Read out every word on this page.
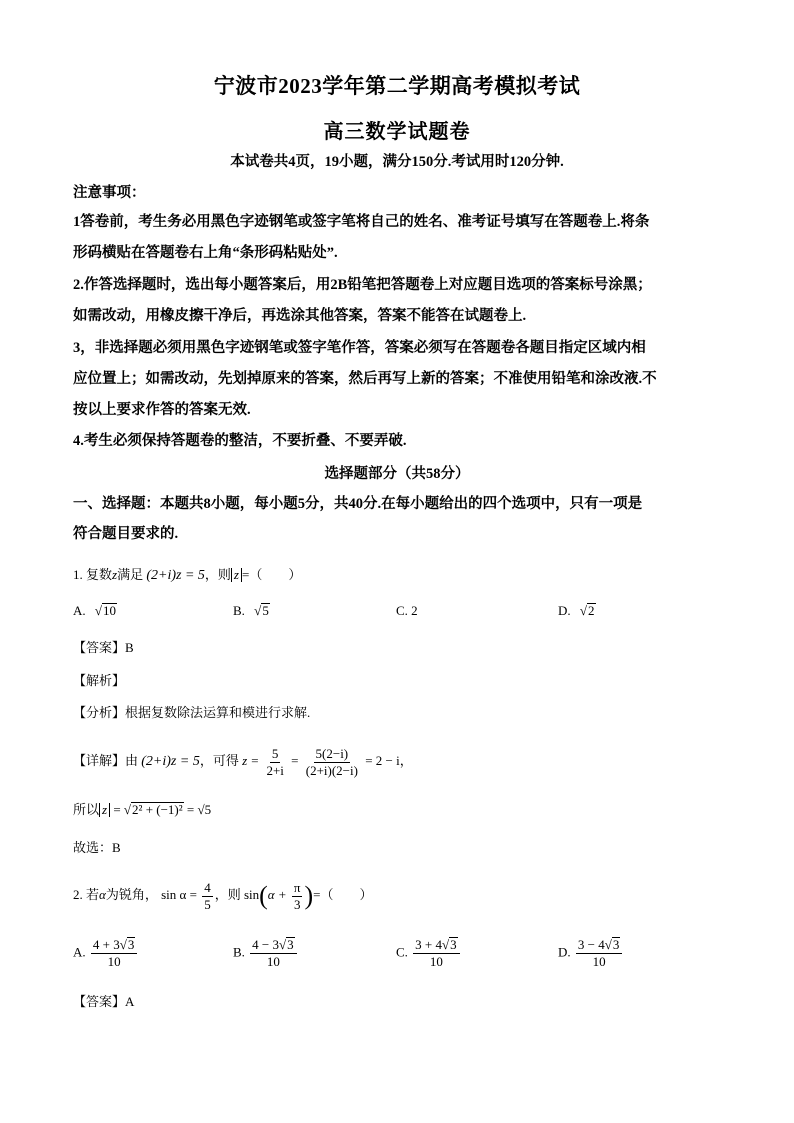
宁波市2023学年第二学期高考模拟考试
高三数学试题卷
本试卷共4页，19小题，满分150分.考试用时120分钟.
注意事项：
1答卷前，考生务必用黑色字迹钢笔或签字笔将自己的姓名、准考证号填写在答题卷上.将条
形码横贴在答题卷右上角“条形码粘贴处”.
2.作答选择题时，选出每小题答案后，用2B铅笔把答题卷上对应题目选项的答案标号涂黑；
如需改动，用橡皮擦干净后，再选涂其他答案，答案不能答在试题卷上.
3，非选择题必须用黑色字迹钢笔或签字笔作答，答案必须写在答题卷各题目指定区域内相
应位置上；如需改动，先划掉原来的答案，然后再写上新的答案；不准使用铅笔和涂改液.不
按以上要求作答的答案无效.
4.考生必须保持答题卷的整洁，不要折叠、不要弄破.
选择题部分（共58分）
一、选择题：本题共8小题，每小题5分，共40分.在每小题给出的四个选项中，只有一项是
符合题目要求的.
1. 复数z满足 (2+i)z = 5，则 z =（　　）
A. √10	B. √5	C. 2	D. √2
【答案】B
【解析】
【分析】根据复数除法运算和模进行求解.
【详解】由 (2+i)z = 5，可得 $z = \frac{5}{2+i} = \frac{5(2-i)}{(2+i)(2-i)} = 2 - i$，
所以 z = √2² + (−1)² = √5
故选：B
2. 若α为锐角， $\sin \alpha = \frac{4}{5}$ ，则 $\sin(\alpha + \frac{\pi}{3}$ )=（　　）
A. $\frac{4 + 3√3}{10}$	B. $\frac{4 - 3√3}{10}$	C. $\frac{3 + 4√3}{10}$	D. $\frac{3 - 4√3}{10}$
【答案】A
